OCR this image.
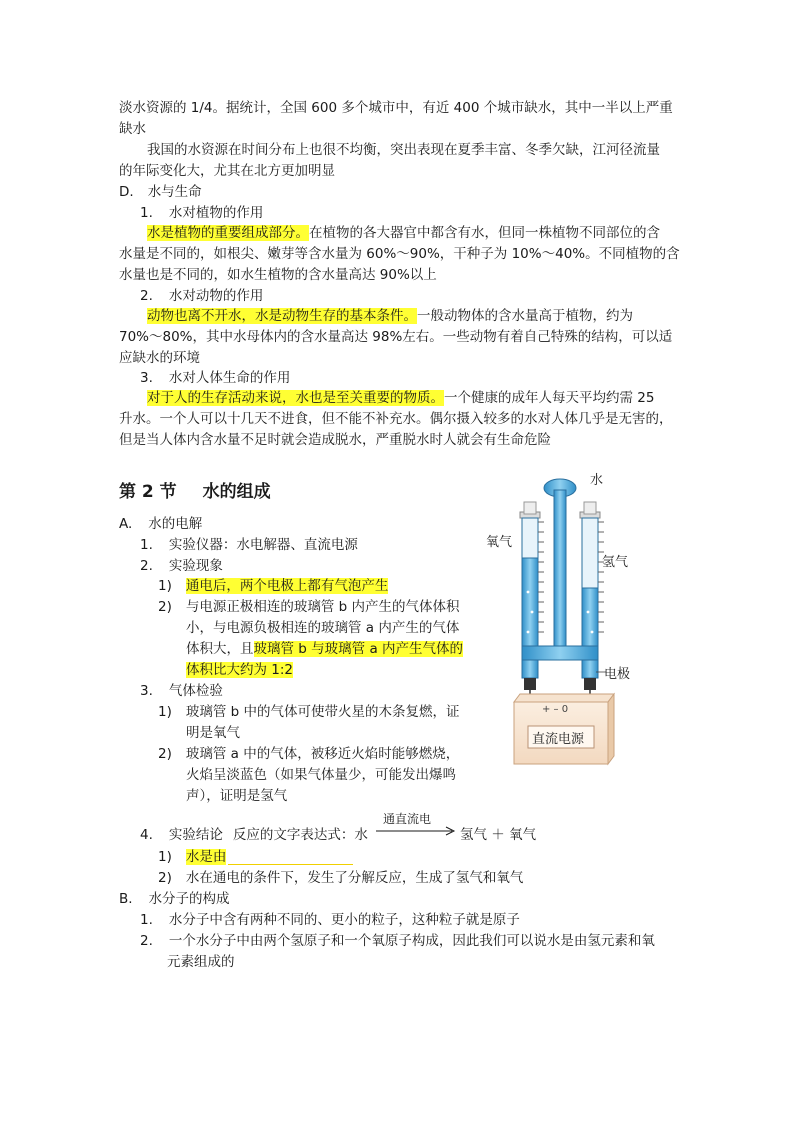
淡水资源的 1/4。据统计，全国 600 多个城市中，有近 400 个城市缺水，其中一半以上严重
缺水
我国的水资源在时间分布上也很不均衡，突出表现在夏季丰富、冬季欠缺，江河径流量
的年际变化大，尤其在北方更加明显
D. 水与生命
1. 水对植物的作用
水是植物的重要组成部分。在植物的各大器官中都含有水，但同一株植物不同部位的含
水量是不同的，如根尖、嫩芽等含水量为 60%～90%，干种子为 10%～40%。不同植物的含
水量也是不同的，如水生植物的含水量高达 90%以上
2. 水对动物的作用
动物也离不开水，水是动物生存的基本条件。一般动物体的含水量高于植物，约为
70%～80%，其中水母体内的含水量高达 98%左右。一些动物有着自己特殊的结构，可以适
应缺水的环境
3. 水对人体生命的作用
对于人的生存活动来说，水也是至关重要的物质。一个健康的成年人每天平均约需 25
升水。一个人可以十几天不进食，但不能不补充水。偶尔摄入较多的水对人体几乎是无害的，
但是当人体内含水量不足时就会造成脱水，严重脱水时人就会有生命危险
第 2 节 水的组成
A. 水的电解
1. 实验仪器：水电解器、直流电源
2. 实验现象
1) 通电后，两个电极上都有气泡产生
2) 与电源正极相连的玻璃管 b 内产生的气体体积
小，与电源负极相连的玻璃管 a 内产生的气体
体积大，且玻璃管 b 与玻璃管 a 内产生气体的
体积比大约为 1:2
3. 气体检验
1) 玻璃管 b 中的气体可使带火星的木条复燃，证
明是氧气
2) 玻璃管 a 中的气体，被移近火焰时能够燃烧，
火焰呈淡蓝色（如果气体量少，可能发出爆鸣
声），证明是氢气
4. 实验结论 反应的文字表达式：水
通直流电
氢气 ＋ 氧气
1) 水是由
2) 水在通电的条件下，发生了分解反应，生成了氢气和氧气
B. 水分子的构成
1. 水分子中含有两种不同的、更小的粒子，这种粒子就是原子
2. 一个水分子中由两个氢原子和一个氧原子构成，因此我们可以说水是由氢元素和氧
元素组成的
水
氧气
氢气
电极
+ – 0
直流电源
